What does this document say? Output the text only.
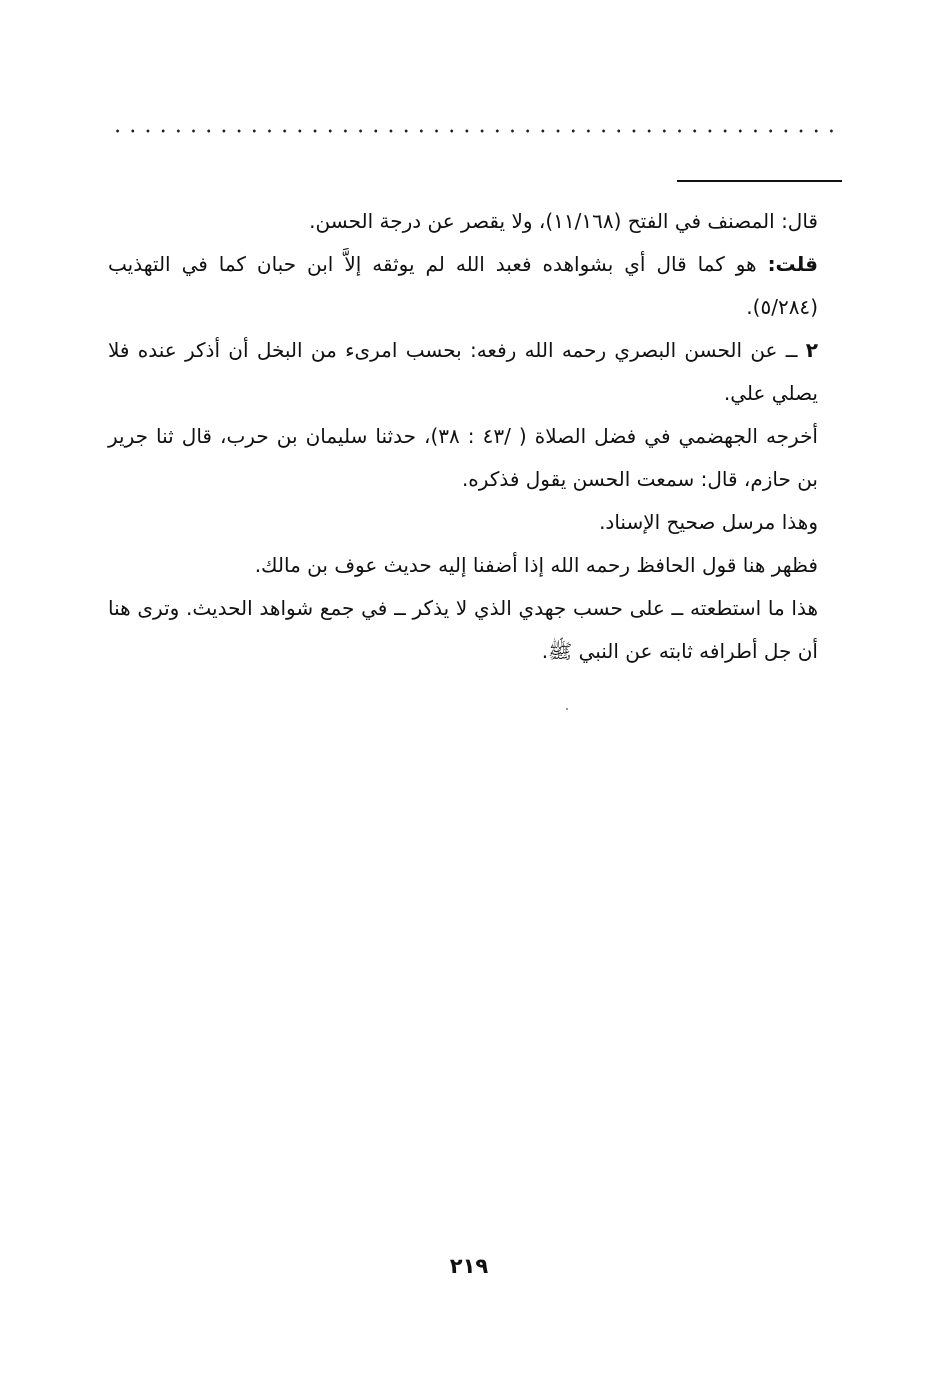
قال: المصنف في الفتح (١١/١٦٨)، ولا يقصر عن درجة الحسن.

قلت: هو كما قال أي بشواهده فعبد الله لم يوثقه إلاَّ ابن حبان كما في التهذيب (٥/٢٨٤).

٢ ــ عن الحسن البصري رحمه الله رفعه: بحسب امرىء من البخل أن أذكر عنده فلا يصلي علي.

أخرجه الجهضمي في فضل الصلاة ( /٤٣ : ٣٨)، حدثنا سليمان بن حرب، قال ثنا جرير بن حازم، قال: سمعت الحسن يقول فذكره.

وهذا مرسل صحيح الإسناد.

فظهر هنا قول الحافظ رحمه الله إذا أضفنا إليه حديث عوف بن مالك.

هذا ما استطعته ــ على حسب جهدي الذي لا يذكر ــ في جمع شواهد الحديث. وترى هنا أن جل أطرافه ثابته عن النبي ﷺ.

٢١٩
